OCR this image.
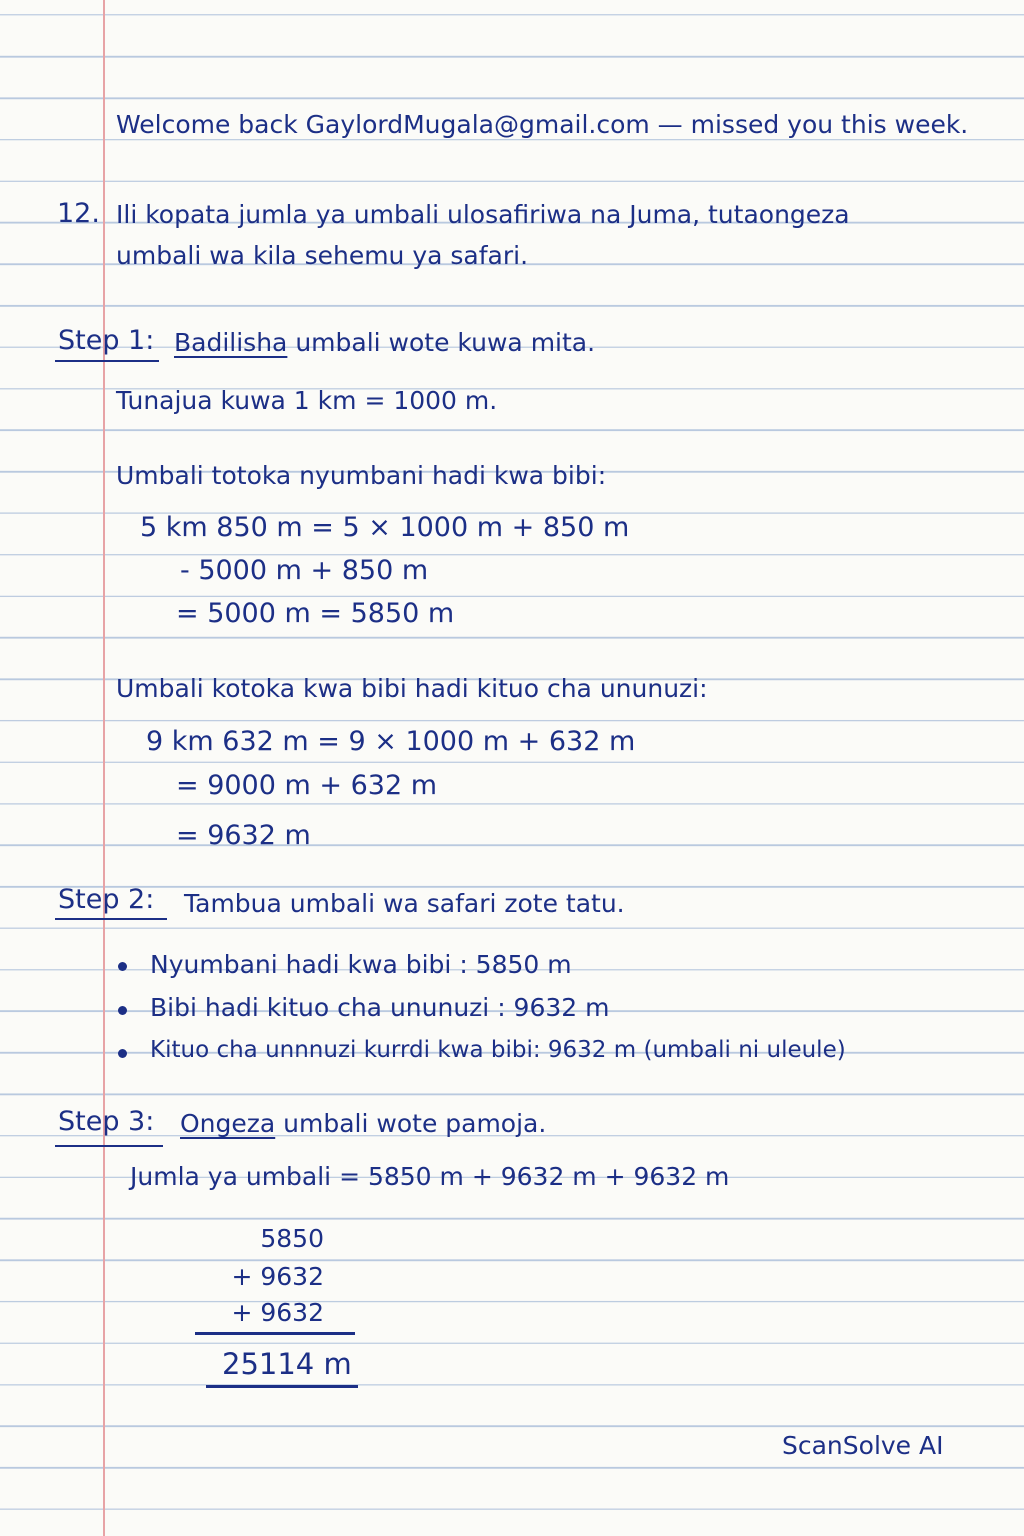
Welcome back GaylordMugala@gmail.com — missed you this week.
12. Ili kopata jumla ya umbali ulosafiriwa na Juma, tutaongeza
umbali wa kila sehemu ya safari.
Step 1: Badilisha umbali wote kuwa mita.
Tunajua kuwa 1 km = 1000 m.
Umbali totoka nyumbani hadi kwa bibi:
5 km 850 m = 5 × 1000 m + 850 m
- 5000 m + 850 m
= 5000 m = 5850 m
Umbali kotoka kwa bibi hadi kituo cha ununuzi:
9 km 632 m = 9 × 1000 m + 632 m
= 9000 m + 632 m
= 9632 m
Step 2: Tambua umbali wa safari zote tatu.
Nyumbani hadi kwa bibi : 5850 m
Bibi hadi kituo cha ununuzi : 9632 m
Kituo cha unnnuzi kurrdi kwa bibi: 9632 m (umbali ni uleule)
Step 3: Ongeza umbali wote pamoja.
Jumla ya umbali = 5850 m + 9632 m + 9632 m
5850
+ 9632
+ 9632
25114 m
ScanSolve AI
